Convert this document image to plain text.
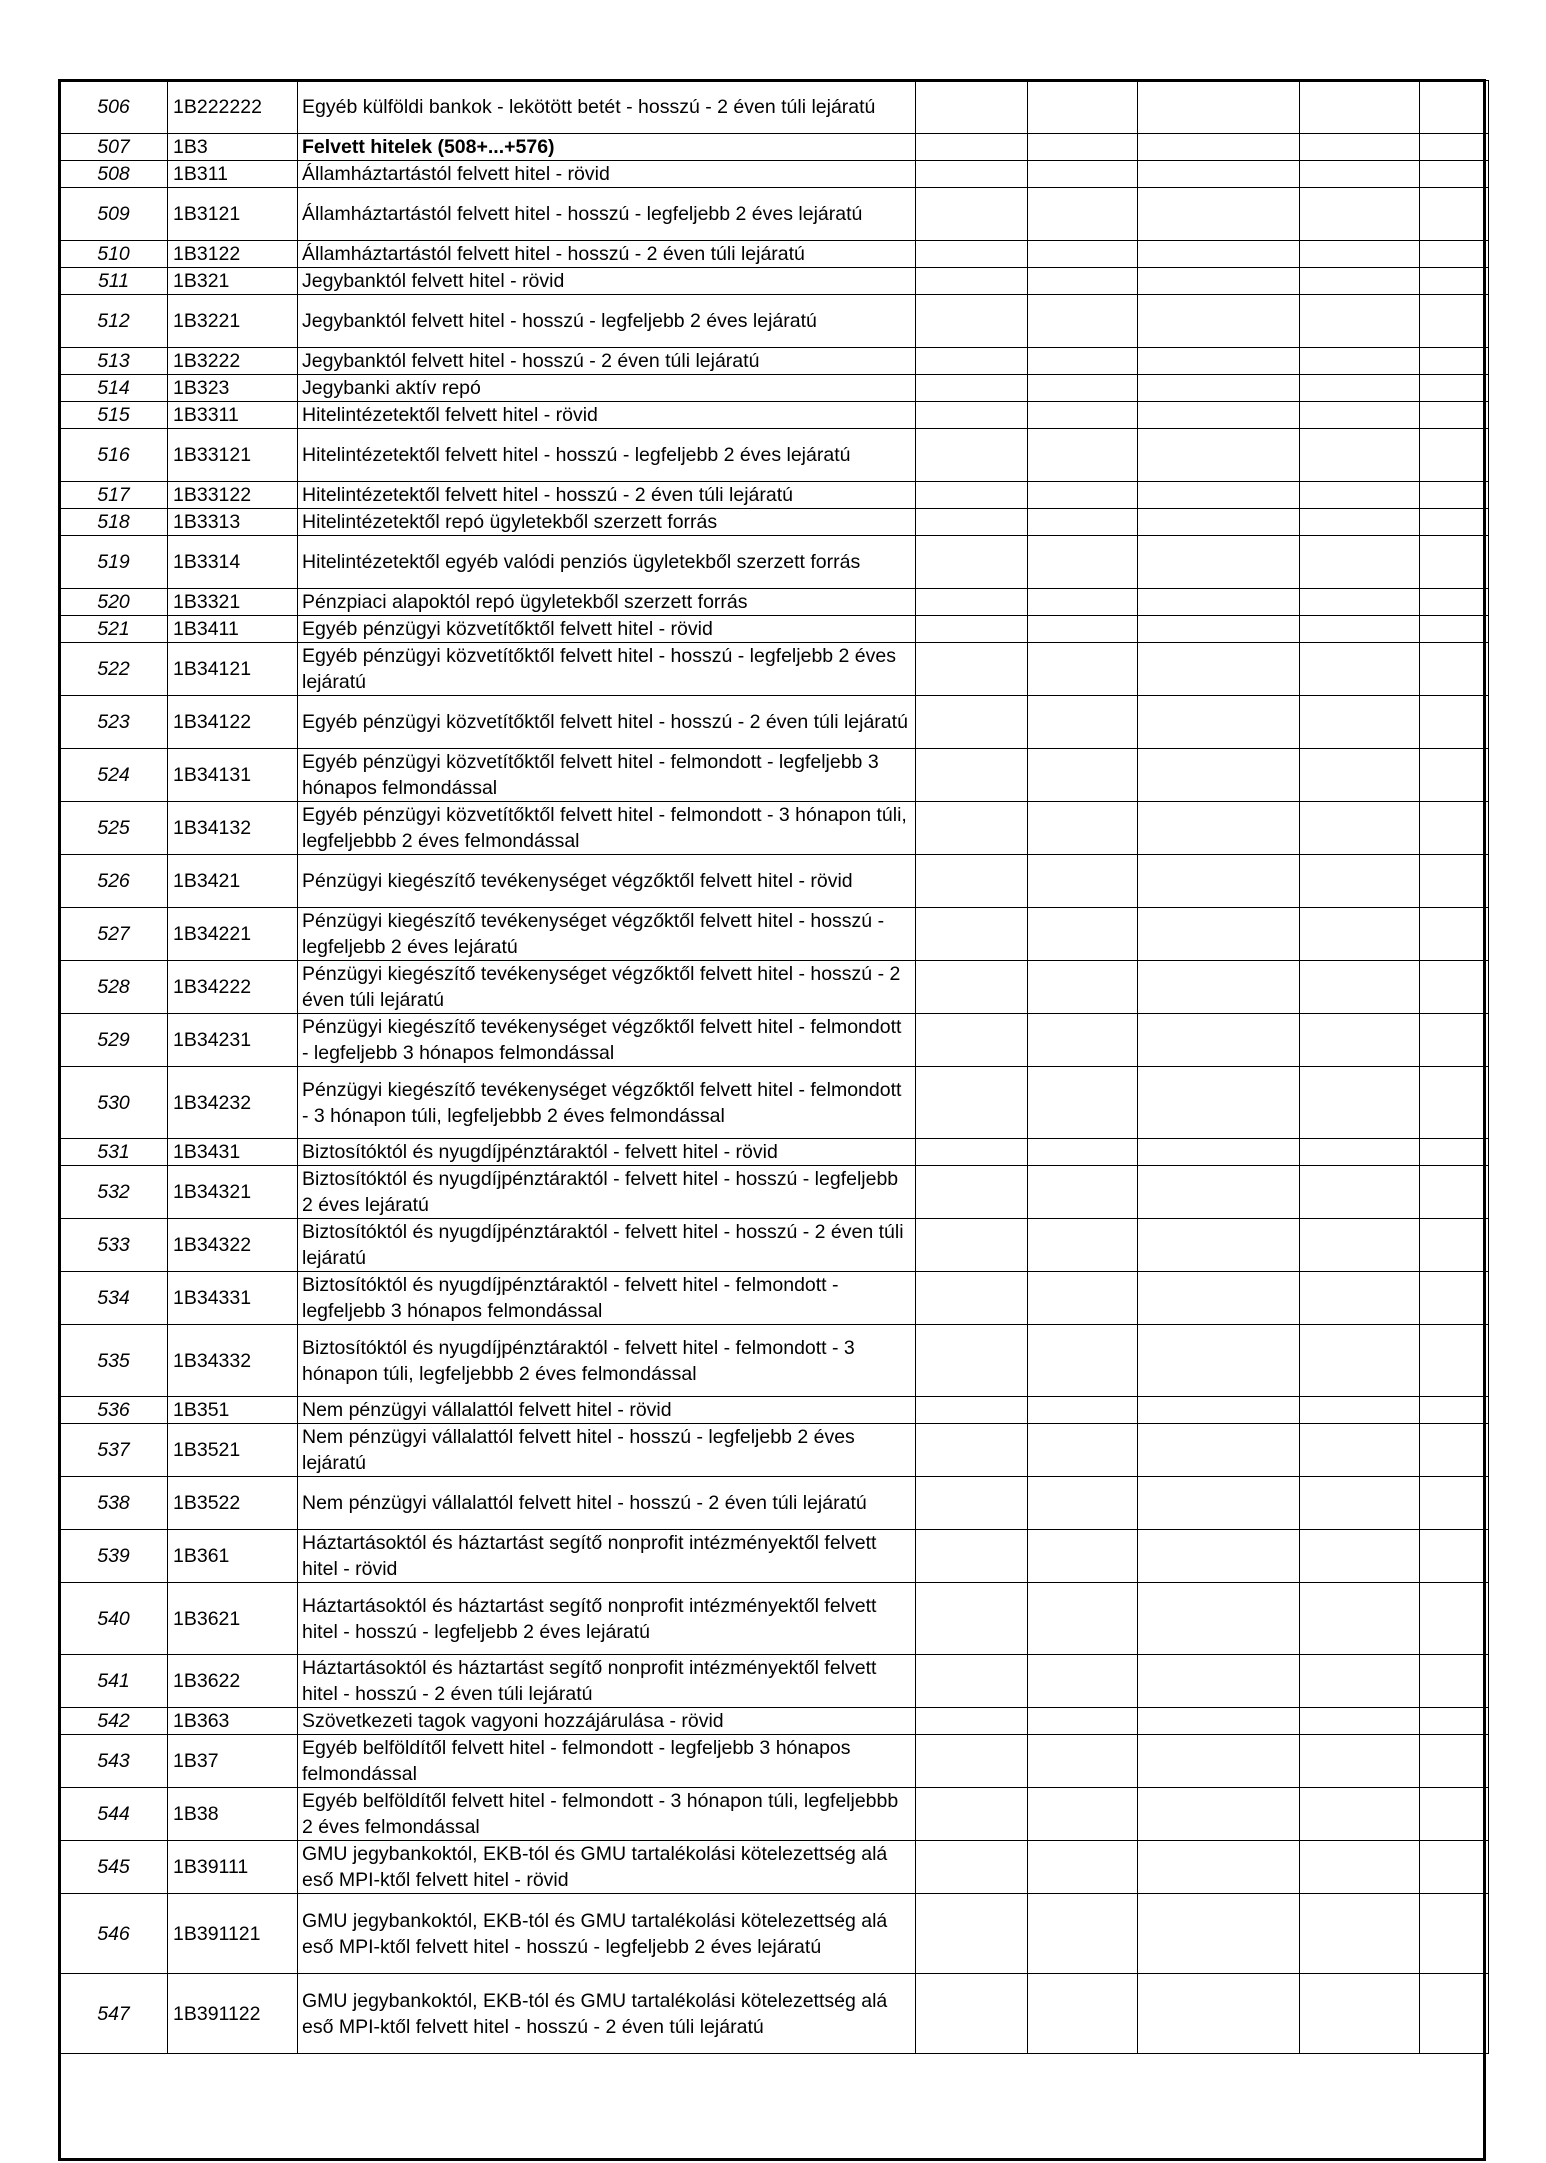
506	1B222222	Egyéb külföldi bankok - lekötött betét - hosszú - 2 éven túli lejáratú					
507	1B3	Felvett hitelek (508+...+576)					
508	1B311	Államháztartástól felvett hitel - rövid					
509	1B3121	Államháztartástól felvett hitel - hosszú - legfeljebb 2 éves lejáratú					
510	1B3122	Államháztartástól felvett hitel - hosszú - 2 éven túli lejáratú					
511	1B321	Jegybanktól felvett hitel - rövid					
512	1B3221	Jegybanktól felvett hitel - hosszú - legfeljebb 2 éves lejáratú					
513	1B3222	Jegybanktól felvett hitel - hosszú - 2 éven túli lejáratú					
514	1B323	Jegybanki aktív repó					
515	1B3311	Hitelintézetektől felvett hitel - rövid					
516	1B33121	Hitelintézetektől felvett hitel - hosszú - legfeljebb 2 éves lejáratú					
517	1B33122	Hitelintézetektől felvett hitel - hosszú - 2 éven túli lejáratú					
518	1B3313	Hitelintézetektől repó ügyletekből szerzett forrás					
519	1B3314	Hitelintézetektől egyéb valódi penziós ügyletekből szerzett forrás					
520	1B3321	Pénzpiaci alapoktól repó ügyletekből szerzett forrás					
521	1B3411	Egyéb pénzügyi közvetítőktől felvett hitel - rövid					
522	1B34121	Egyéb pénzügyi közvetítőktől felvett hitel - hosszú - legfeljebb 2 éves lejáratú					
523	1B34122	Egyéb pénzügyi közvetítőktől felvett hitel - hosszú - 2 éven túli lejáratú					
524	1B34131	Egyéb pénzügyi közvetítőktől felvett hitel - felmondott - legfeljebb 3 hónapos felmondással					
525	1B34132	Egyéb pénzügyi közvetítőktől felvett hitel - felmondott - 3 hónapon túli, legfeljebbb 2 éves felmondással					
526	1B3421	Pénzügyi kiegészítő tevékenységet végzőktől felvett hitel - rövid					
527	1B34221	Pénzügyi kiegészítő tevékenységet végzőktől felvett hitel - hosszú - legfeljebb 2 éves lejáratú					
528	1B34222	Pénzügyi kiegészítő tevékenységet végzőktől felvett hitel - hosszú - 2 éven túli lejáratú					
529	1B34231	Pénzügyi kiegészítő tevékenységet végzőktől felvett hitel - felmondott - legfeljebb 3 hónapos felmondással					
530	1B34232	Pénzügyi kiegészítő tevékenységet végzőktől felvett hitel - felmondott - 3 hónapon túli, legfeljebbb 2 éves felmondással					
531	1B3431	Biztosítóktól és nyugdíjpénztáraktól - felvett hitel - rövid					
532	1B34321	Biztosítóktól és nyugdíjpénztáraktól - felvett hitel - hosszú - legfeljebb 2 éves lejáratú					
533	1B34322	Biztosítóktól és nyugdíjpénztáraktól - felvett hitel - hosszú - 2 éven túli lejáratú					
534	1B34331	Biztosítóktól és nyugdíjpénztáraktól - felvett hitel - felmondott - legfeljebb 3 hónapos felmondással					
535	1B34332	Biztosítóktól és nyugdíjpénztáraktól - felvett hitel - felmondott - 3 hónapon túli, legfeljebbb 2 éves felmondással					
536	1B351	Nem pénzügyi vállalattól felvett hitel - rövid					
537	1B3521	Nem pénzügyi vállalattól felvett hitel - hosszú - legfeljebb 2 éves lejáratú					
538	1B3522	Nem pénzügyi vállalattól felvett hitel - hosszú - 2 éven túli lejáratú					
539	1B361	Háztartásoktól és háztartást segítő nonprofit intézményektől felvett hitel - rövid					
540	1B3621	Háztartásoktól és háztartást segítő nonprofit intézményektől felvett hitel - hosszú - legfeljebb 2 éves lejáratú					
541	1B3622	Háztartásoktól és háztartást segítő nonprofit intézményektől felvett hitel - hosszú - 2 éven túli lejáratú					
542	1B363	Szövetkezeti tagok vagyoni hozzájárulása - rövid					
543	1B37	Egyéb belföldítől felvett hitel - felmondott - legfeljebb 3 hónapos felmondással					
544	1B38	Egyéb belföldítől felvett hitel - felmondott - 3 hónapon túli, legfeljebbb 2 éves felmondással					
545	1B39111	GMU jegybankoktól, EKB-tól és GMU tartalékolási kötelezettség alá eső MPI-ktől felvett hitel - rövid					
546	1B391121	GMU jegybankoktól, EKB-tól és GMU tartalékolási kötelezettség alá eső MPI-ktől felvett hitel - hosszú - legfeljebb 2 éves lejáratú					
547	1B391122	GMU jegybankoktól, EKB-tól és GMU tartalékolási kötelezettség alá eső MPI-ktől felvett hitel - hosszú - 2 éven túli lejáratú					
